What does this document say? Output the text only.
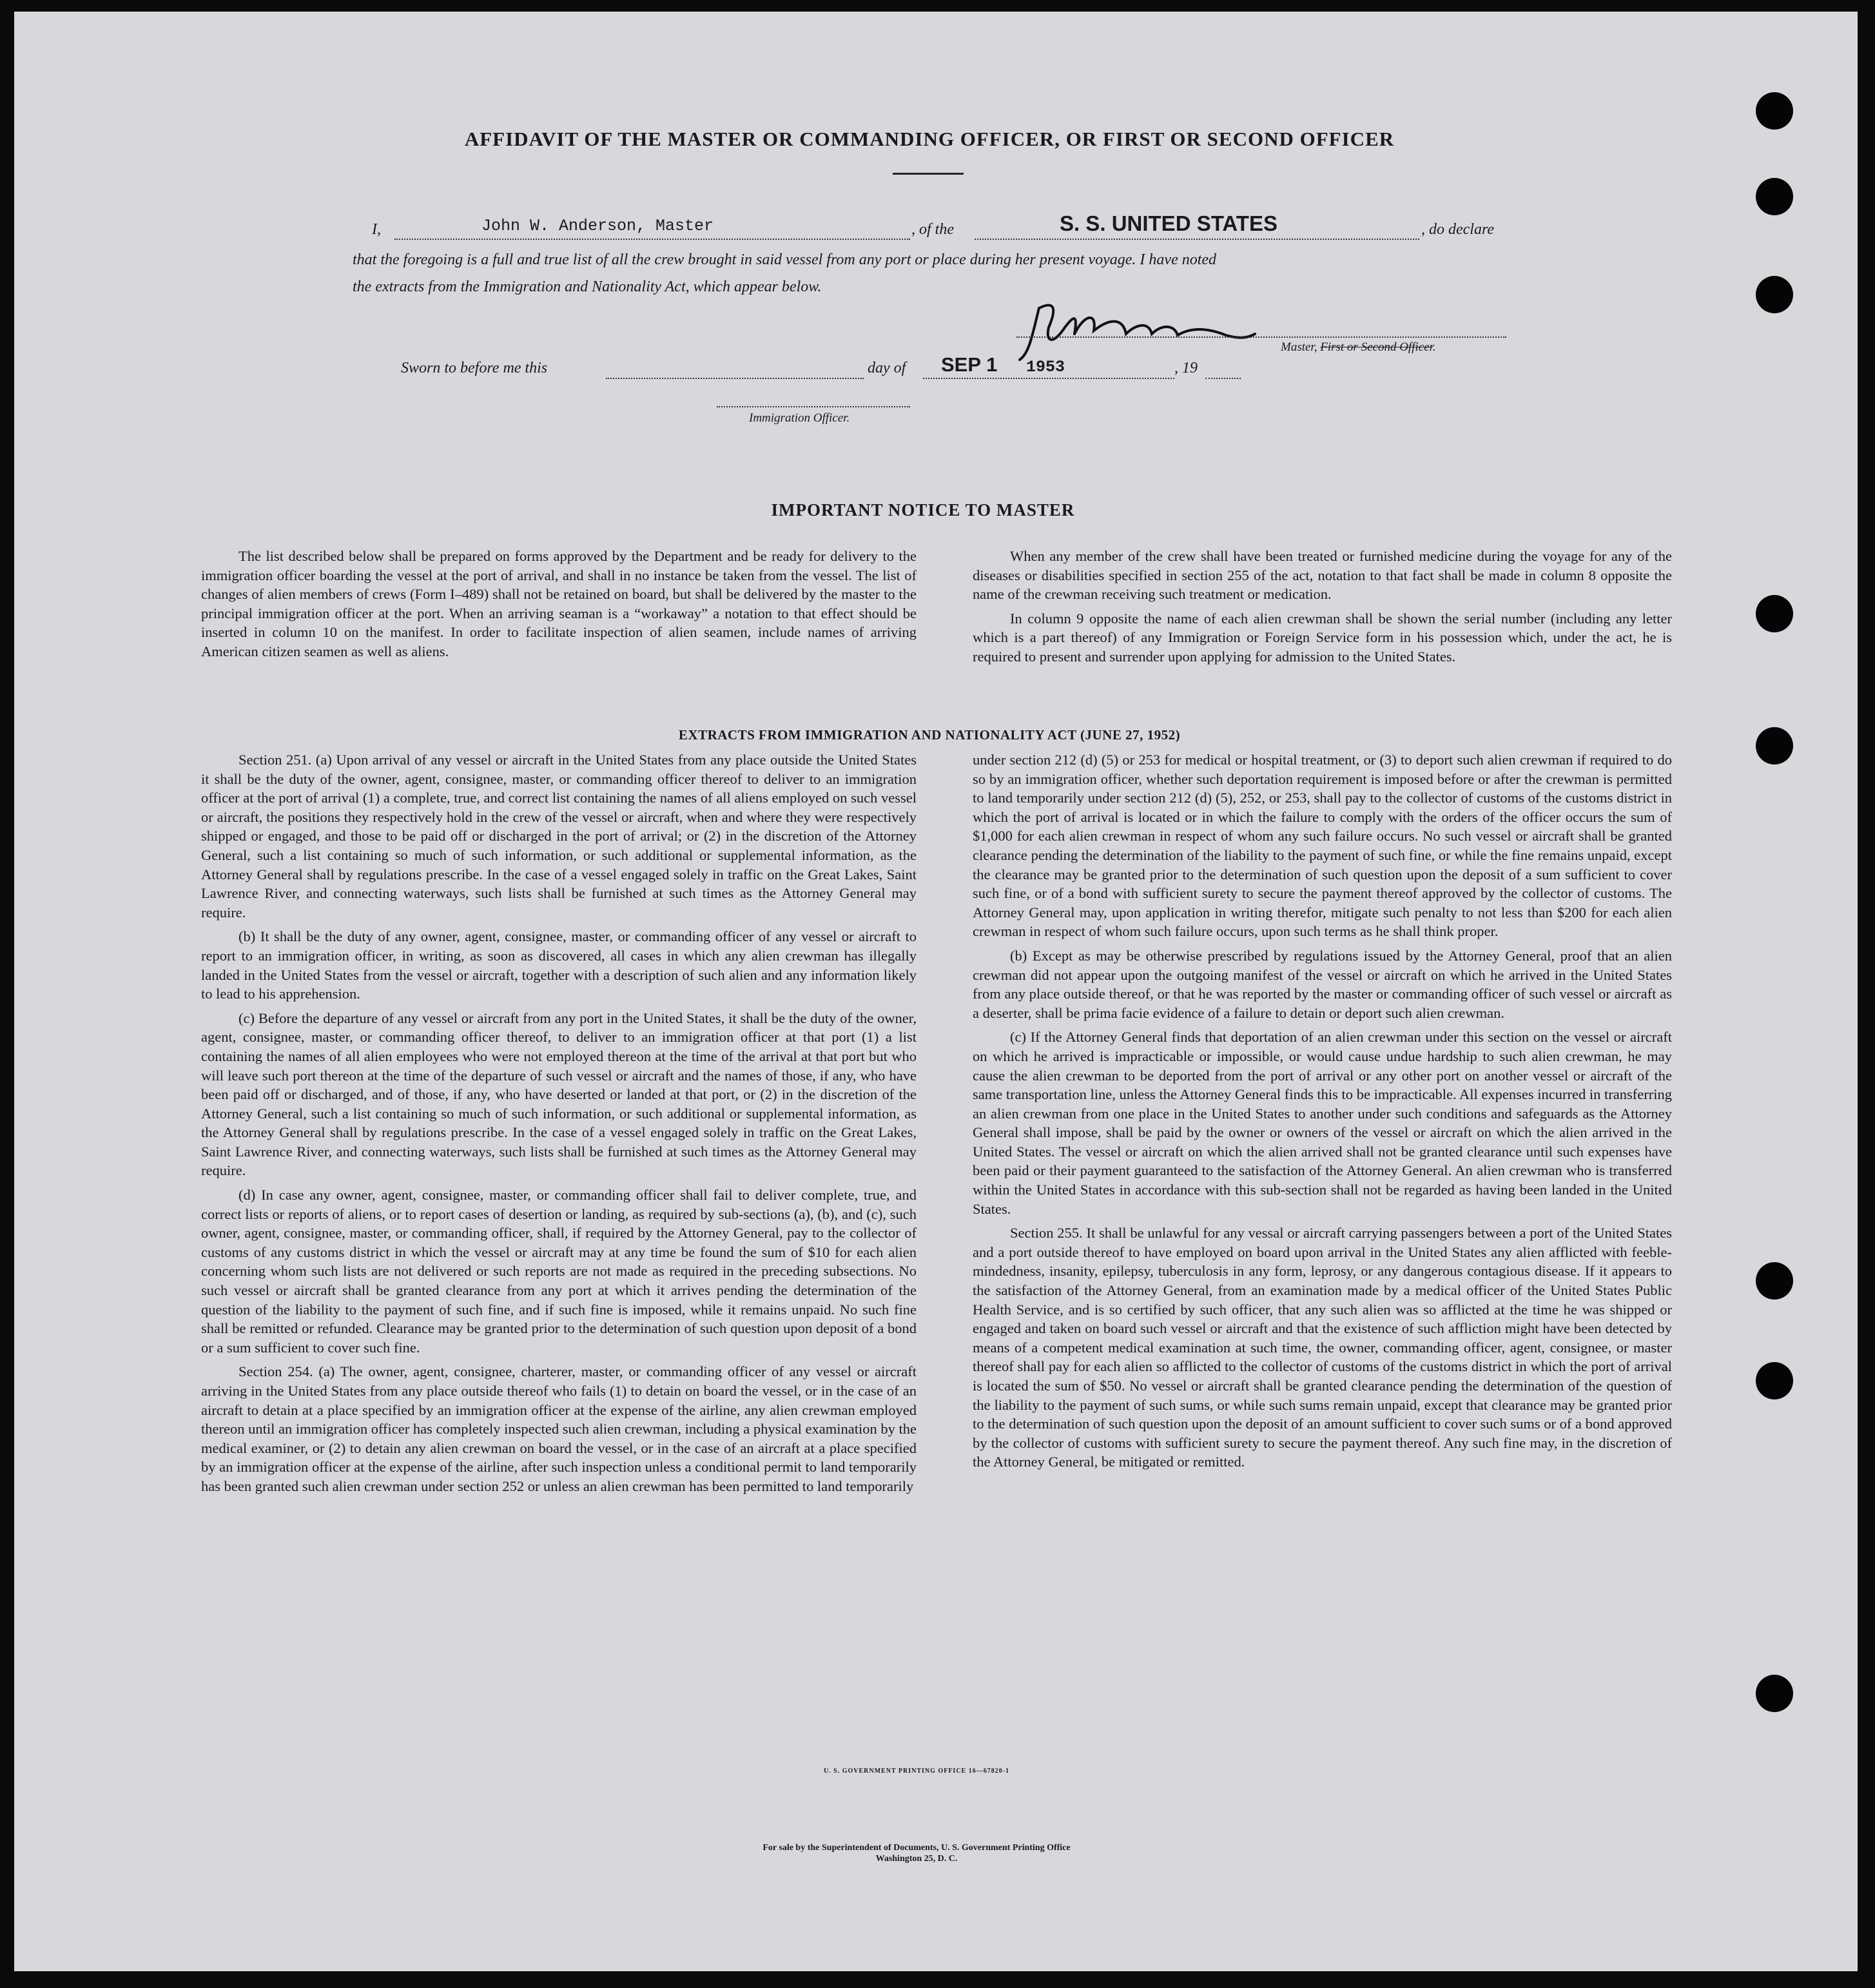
AFFIDAVIT OF THE MASTER OR COMMANDING OFFICER, OR FIRST OR SECOND OFFICER
I,	John W. Anderson, Master	, of the	S. S. UNITED STATES	, do declare
that the foregoing is a full and true list of all the crew brought in said vessel from any port or place during her present voyage. I have noted
the extracts from the Immigration and Nationality Act, which appear below.
Master, First or Second Officer.
Sworn to before me this	day of SEP 1 1953	, 19
Immigration Officer.
IMPORTANT NOTICE TO MASTER

The list described below shall be prepared on forms approved by the Department and be ready for delivery to the immigration officer boarding the vessel at the port of arrival, and shall in no instance be taken from the vessel. The list of changes of alien members of crews (Form I–489) shall not be retained on board, but shall be delivered by the master to the principal immigration officer at the port. When an arriving seaman is a “workaway” a notation to that effect should be inserted in column 10 on the manifest. In order to facilitate inspection of alien seamen, include names of arriving American citizen seamen as well as aliens.

When any member of the crew shall have been treated or furnished medicine during the voyage for any of the diseases or disabilities specified in section 255 of the act, notation to that fact shall be made in column 8 opposite the name of the crewman receiving such treatment or medication.

In column 9 opposite the name of each alien crewman shall be shown the serial number (including any letter which is a part thereof) of any Immigration or Foreign Service form in his possession which, under the act, he is required to present and surrender upon applying for admission to the United States.

EXTRACTS FROM IMMIGRATION AND NATIONALITY ACT (JUNE 27, 1952)

Section 251. (a) Upon arrival of any vessel or aircraft in the United States from any place outside the United States it shall be the duty of the owner, agent, consignee, master, or commanding officer thereof to deliver to an immigration officer at the port of arrival (1) a complete, true, and correct list containing the names of all aliens employed on such vessel or aircraft, the positions they respectively hold in the crew of the vessel or aircraft, when and where they were respectively shipped or engaged, and those to be paid off or discharged in the port of arrival; or (2) in the discretion of the Attorney General, such a list containing so much of such information, or such additional or supplemental information, as the Attorney General shall by regulations prescribe. In the case of a vessel engaged solely in traffic on the Great Lakes, Saint Lawrence River, and connecting waterways, such lists shall be furnished at such times as the Attorney General may require.

(b) It shall be the duty of any owner, agent, consignee, master, or commanding officer of any vessel or aircraft to report to an immigration officer, in writing, as soon as discovered, all cases in which any alien crewman has illegally landed in the United States from the vessel or aircraft, together with a description of such alien and any information likely to lead to his apprehension.

(c) Before the departure of any vessel or aircraft from any port in the United States, it shall be the duty of the owner, agent, consignee, master, or commanding officer thereof, to deliver to an immigration officer at that port (1) a list containing the names of all alien employees who were not employed thereon at the time of the arrival at that port but who will leave such port thereon at the time of the departure of such vessel or aircraft and the names of those, if any, who have been paid off or discharged, and of those, if any, who have deserted or landed at that port, or (2) in the discretion of the Attorney General, such a list containing so much of such information, or such additional or supplemental information, as the Attorney General shall by regulations prescribe. In the case of a vessel engaged solely in traffic on the Great Lakes, Saint Lawrence River, and connecting waterways, such lists shall be furnished at such times as the Attorney General may require.

(d) In case any owner, agent, consignee, master, or commanding officer shall fail to deliver complete, true, and correct lists or reports of aliens, or to report cases of desertion or landing, as required by sub-sections (a), (b), and (c), such owner, agent, consignee, master, or commanding officer, shall, if required by the Attorney General, pay to the collector of customs of any customs district in which the vessel or aircraft may at any time be found the sum of $10 for each alien concerning whom such lists are not delivered or such reports are not made as required in the preceding subsections. No such vessel or aircraft shall be granted clearance from any port at which it arrives pending the determination of the question of the liability to the payment of such fine, and if such fine is imposed, while it remains unpaid. No such fine shall be remitted or refunded. Clearance may be granted prior to the determination of such question upon deposit of a bond or a sum sufficient to cover such fine.

Section 254. (a) The owner, agent, consignee, charterer, master, or commanding officer of any vessel or aircraft arriving in the United States from any place outside thereof who fails (1) to detain on board the vessel, or in the case of an aircraft to detain at a place specified by an immigration officer at the expense of the airline, any alien crewman employed thereon until an immigration officer has completely inspected such alien crewman, including a physical examination by the medical examiner, or (2) to detain any alien crewman on board the vessel, or in the case of an aircraft at a place specified by an immigration officer at the expense of the airline, after such inspection unless a conditional permit to land temporarily has been granted such alien crewman under section 252 or unless an alien crewman has been permitted to land temporarily

under section 212 (d) (5) or 253 for medical or hospital treatment, or (3) to deport such alien crewman if required to do so by an immigration officer, whether such deportation requirement is imposed before or after the crewman is permitted to land temporarily under section 212 (d) (5), 252, or 253, shall pay to the collector of customs of the customs district in which the port of arrival is located or in which the failure to comply with the orders of the officer occurs the sum of $1,000 for each alien crewman in respect of whom any such failure occurs. No such vessel or aircraft shall be granted clearance pending the determination of the liability to the payment of such fine, or while the fine remains unpaid, except the clearance may be granted prior to the determination of such question upon the deposit of a sum sufficient to cover such fine, or of a bond with sufficient surety to secure the payment thereof approved by the collector of customs. The Attorney General may, upon application in writing therefor, mitigate such penalty to not less than $200 for each alien crewman in respect of whom such failure occurs, upon such terms as he shall think proper.

(b) Except as may be otherwise prescribed by regulations issued by the Attorney General, proof that an alien crewman did not appear upon the outgoing manifest of the vessel or aircraft on which he arrived in the United States from any place outside thereof, or that he was reported by the master or commanding officer of such vessel or aircraft as a deserter, shall be prima facie evidence of a failure to detain or deport such alien crewman.

(c) If the Attorney General finds that deportation of an alien crewman under this section on the vessel or aircraft on which he arrived is impracticable or impossible, or would cause undue hardship to such alien crewman, he may cause the alien crewman to be deported from the port of arrival or any other port on another vessel or aircraft of the same transportation line, unless the Attorney General finds this to be impracticable. All expenses incurred in transferring an alien crewman from one place in the United States to another under such conditions and safeguards as the Attorney General shall impose, shall be paid by the owner or owners of the vessel or aircraft on which the alien arrived in the United States. The vessel or aircraft on which the alien arrived shall not be granted clearance until such expenses have been paid or their payment guaranteed to the satisfaction of the Attorney General. An alien crewman who is transferred within the United States in accordance with this sub-section shall not be regarded as having been landed in the United States.

Section 255. It shall be unlawful for any vessal or aircraft carrying passengers between a port of the United States and a port outside thereof to have employed on board upon arrival in the United States any alien afflicted with feeble-mindedness, insanity, epilepsy, tuberculosis in any form, leprosy, or any dangerous contagious disease. If it appears to the satisfaction of the Attorney General, from an examination made by a medical officer of the United States Public Health Service, and is so certified by such officer, that any such alien was so afflicted at the time he was shipped or engaged and taken on board such vessel or aircraft and that the existence of such affliction might have been detected by means of a competent medical examination at such time, the owner, commanding officer, agent, consignee, or master thereof shall pay for each alien so afflicted to the collector of customs of the customs district in which the port of arrival is located the sum of $50. No vessel or aircraft shall be granted clearance pending the determination of the question of the liability to the payment of such sums, or while such sums remain unpaid, except that clearance may be granted prior to the determination of such question upon the deposit of an amount sufficient to cover such sums or of a bond approved by the collector of customs with sufficient surety to secure the payment thereof. Any such fine may, in the discretion of the Attorney General, be mitigated or remitted.

U. S. GOVERNMENT PRINTING OFFICE 16—67820-1
For sale by the Superintendent of Documents, U. S. Government Printing Office
Washington 25, D. C.
